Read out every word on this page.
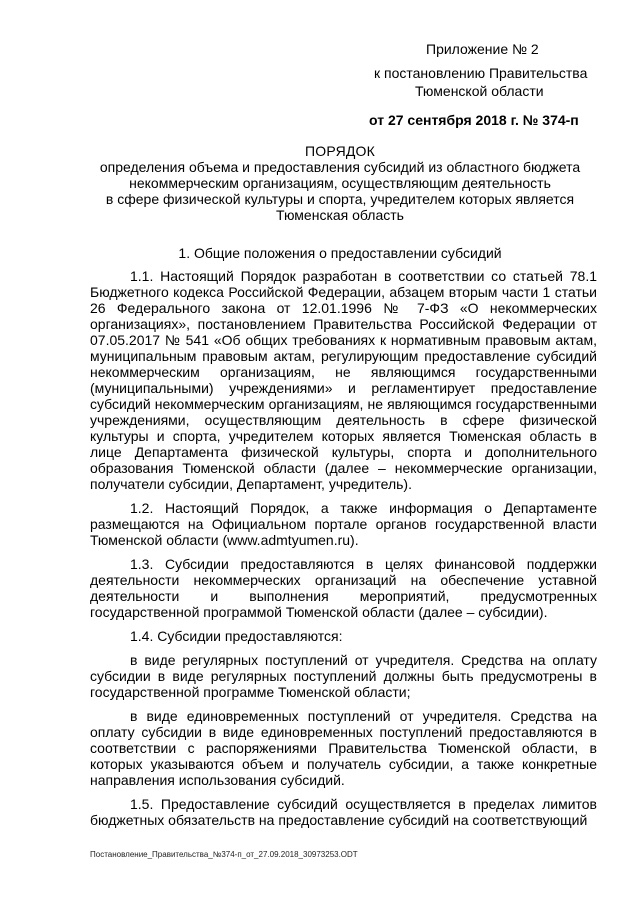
Приложение № 2
к постановлению Правительства
Тюменской области
от 27 сентября 2018 г. № 374-п
ПОРЯДОК
определения объема и предоставления субсидий из областного бюджета
некоммерческим организациям, осуществляющим деятельность
в сфере физической культуры и спорта, учредителем которых является
Тюменская область
1. Общие положения о предоставлении субсидий

1.1. Настоящий Порядок разработан в соответствии со статьей 78.1 Бюджетного кодекса Российской Федерации, абзацем вторым части 1 статьи 26 Федерального закона от 12.01.1996 № 7-ФЗ «О некоммерческих организациях», постановлением Правительства Российской Федерации от 07.05.2017 № 541 «Об общих требованиях к нормативным правовым актам, муниципальным правовым актам, регулирующим предоставление субсидий некоммерческим организациям, не являющимся государственными (муниципальными) учреждениями» и регламентирует предоставление субсидий некоммерческим организациям, не являющимся государственными учреждениями, осуществляющим деятельность в сфере физической культуры и спорта, учредителем которых является Тюменская область в лице Департамента физической культуры, спорта и дополнительного образования Тюменской области (далее – некоммерческие организации, получатели субсидии, Департамент, учредитель).

1.2. Настоящий Порядок, а также информация о Департаменте размещаются на Официальном портале органов государственной власти Тюменской области (www.admtyumen.ru).

1.3. Субсидии предоставляются в целях финансовой поддержки деятельности некоммерческих организаций на обеспечение уставной деятельности и выполнения мероприятий, предусмотренных государственной программой Тюменской области (далее – субсидии).

1.4. Субсидии предоставляются:

в виде регулярных поступлений от учредителя. Средства на оплату субсидии в виде регулярных поступлений должны быть предусмотрены в государственной программе Тюменской области;

в виде единовременных поступлений от учредителя. Средства на оплату субсидии в виде единовременных поступлений предоставляются в соответствии с распоряжениями Правительства Тюменской области, в которых указываются объем и получатель субсидии, а также конкретные направления использования субсидий.

1.5. Предоставление субсидий осуществляется в пределах лимитов бюджетных обязательств на предоставление субсидий на соответствующий

Постановление_Правительства_№374-п_от_27.09.2018_30973253.ODT
